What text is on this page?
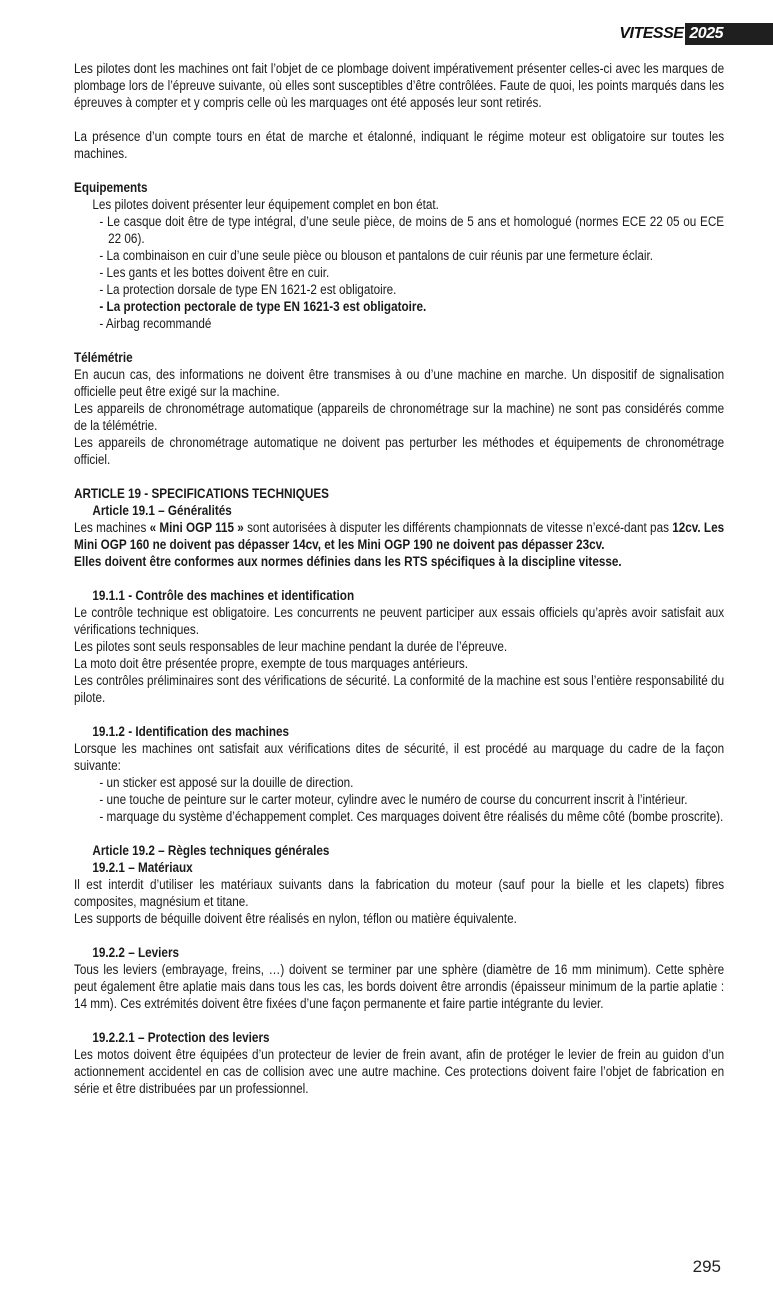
VITESSE 2025

Les pilotes dont les machines ont fait l’objet de ce plombage doivent impérativement présenter celles-ci avec les marques de plombage lors de l’épreuve suivante, où elles sont susceptibles d’être contrôlées. Faute de quoi, les points marqués dans les épreuves à compter et y compris celle où les marquages ont été apposés leur sont retirés.

La présence d’un compte tours en état de marche et étalonné, indiquant le régime moteur est obligatoire sur toutes les machines.

Equipements

Les pilotes doivent présenter leur équipement complet en bon état.

- Le casque doit être de type intégral, d’une seule pièce, de moins de 5 ans et homologué (normes ECE 22 05 ou ECE 22 06).

- La combinaison en cuir d’une seule pièce ou blouson et pantalons de cuir réunis par une fermeture éclair.

- Les gants et les bottes doivent être en cuir.

- La protection dorsale de type EN 1621-2 est obligatoire.

- La protection pectorale de type EN 1621-3 est obligatoire.

- Airbag recommandé

Télémétrie

En aucun cas, des informations ne doivent être transmises à ou d’une machine en marche. Un dispositif de signalisation officielle peut être exigé sur la machine.

Les appareils de chronométrage automatique (appareils de chronométrage sur la machine) ne sont pas considérés comme de la télémétrie.

Les appareils de chronométrage automatique ne doivent pas perturber les méthodes et équipements de chronométrage officiel.

ARTICLE 19 - SPECIFICATIONS TECHNIQUES

Article 19.1 – Généralités

Les machines « Mini OGP 115 » sont autorisées à disputer les différents championnats de vitesse n’excé-dant pas 12cv. Les Mini OGP 160 ne doivent pas dépasser 14cv, et les Mini OGP 190 ne doivent pas dépasser 23cv.

Elles doivent être conformes aux normes définies dans les RTS spécifiques à la discipline vitesse.

19.1.1 - Contrôle des machines et identification

Le contrôle technique est obligatoire. Les concurrents ne peuvent participer aux essais officiels qu’après avoir satisfait aux vérifications techniques.

Les pilotes sont seuls responsables de leur machine pendant la durée de l’épreuve.

La moto doit être présentée propre, exempte de tous marquages antérieurs.

Les contrôles préliminaires sont des vérifications de sécurité. La conformité de la machine est sous l’entière responsabilité du pilote.

19.1.2 - Identification des machines

Lorsque les machines ont satisfait aux vérifications dites de sécurité, il est procédé au marquage du cadre de la façon suivante:

- un sticker est apposé sur la douille de direction.

- une touche de peinture sur le carter moteur, cylindre avec le numéro de course du concurrent inscrit à l’intérieur.

- marquage du système d’échappement complet. Ces marquages doivent être réalisés du même côté (bombe proscrite).

Article 19.2 – Règles techniques générales

19.2.1 – Matériaux

Il est interdit d’utiliser les matériaux suivants dans la fabrication du moteur (sauf pour la bielle et les clapets) fibres composites, magnésium et titane.

Les supports de béquille doivent être réalisés en nylon, téflon ou matière équivalente.

19.2.2 – Leviers

Tous les leviers (embrayage, freins, …) doivent se terminer par une sphère (diamètre de 16 mm minimum). Cette sphère peut également être aplatie mais dans tous les cas, les bords doivent être arrondis (épaisseur minimum de la partie aplatie : 14 mm). Ces extrémités doivent être fixées d’une façon permanente et faire partie intégrante du levier.

19.2.2.1 – Protection des leviers

Les motos doivent être équipées d’un protecteur de levier de frein avant, afin de protéger le levier de frein au guidon d’un actionnement accidentel en cas de collision avec une autre machine. Ces protections doivent faire l’objet de fabrication en série et être distribuées par un professionnel.

295
